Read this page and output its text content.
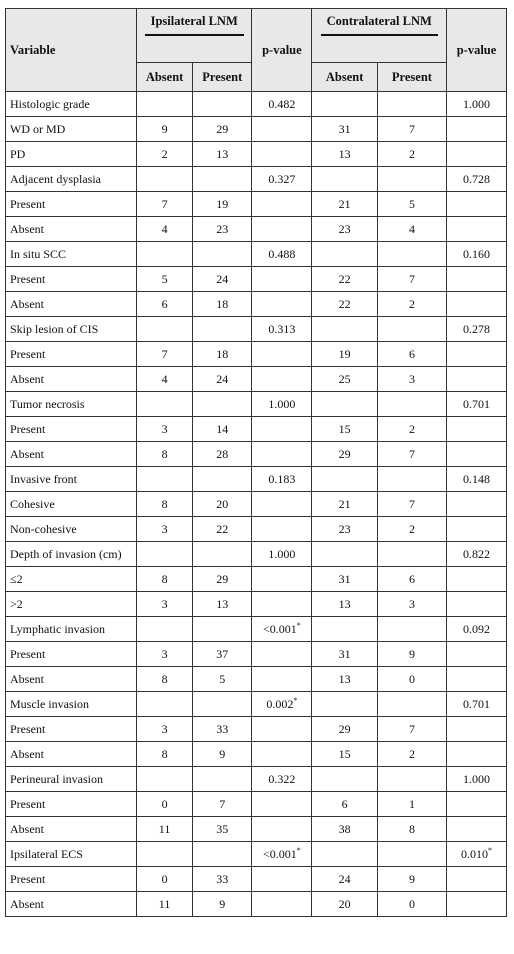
Variable	Ipsilateral LNM		p-value	Contralateral LNM		p-value
	Absent	Present		Absent	Present	
Histologic grade			0.482			1.000
WD or MD	9	29		31	7	
PD	2	13		13	2	
Adjacent dysplasia			0.327			0.728
Present	7	19		21	5	
Absent	4	23		23	4	
In situ SCC			0.488			0.160
Present	5	24		22	7	
Absent	6	18		22	2	
Skip lesion of CIS			0.313			0.278
Present	7	18		19	6	
Absent	4	24		25	3	
Tumor necrosis			1.000			0.701
Present	3	14		15	2	
Absent	8	28		29	7	
Invasive front			0.183			0.148
Cohesive	8	20		21	7	
Non-cohesive	3	22		23	2	
Depth of invasion (cm)			1.000			0.822
≤2	8	29		31	6	
>2	3	13		13	3	
Lymphatic invasion			<0.001*			0.092
Present	3	37		31	9	
Absent	8	5		13	0	
Muscle invasion			0.002*			0.701
Present	3	33		29	7	
Absent	8	9		15	2	
Perineural invasion			0.322			1.000
Present	0	7		6	1	
Absent	11	35		38	8	
Ipsilateral ECS			<0.001*			0.010*
Present	0	33		24	9	
Absent	11	9		20	0	
